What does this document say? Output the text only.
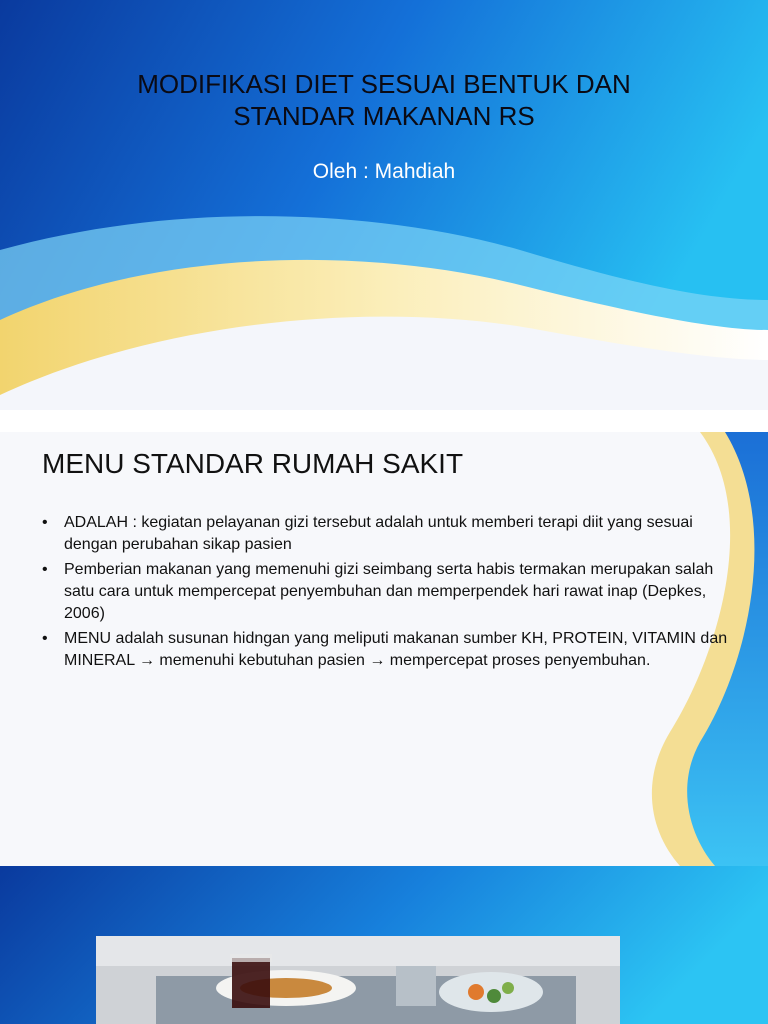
MODIFIKASI DIET SESUAI BENTUK DAN
STANDAR MAKANAN RS
Oleh : Mahdiah
MENU STANDAR RUMAH SAKIT
• ADALAH : kegiatan pelayanan gizi tersebut adalah untuk memberi terapi diit yang sesuai dengan perubahan sikap pasien
• Pemberian makanan yang memenuhi gizi seimbang serta habis termakan merupakan salah satu cara untuk mempercepat penyembuhan dan memperpendek hari rawat inap (Depkes, 2006)
• MENU adalah susunan hidngan yang meliputi makanan sumber KH, PROTEIN, VITAMIN dan MINERAL → memenuhi kebutuhan pasien → mempercepat proses penyembuhan.
